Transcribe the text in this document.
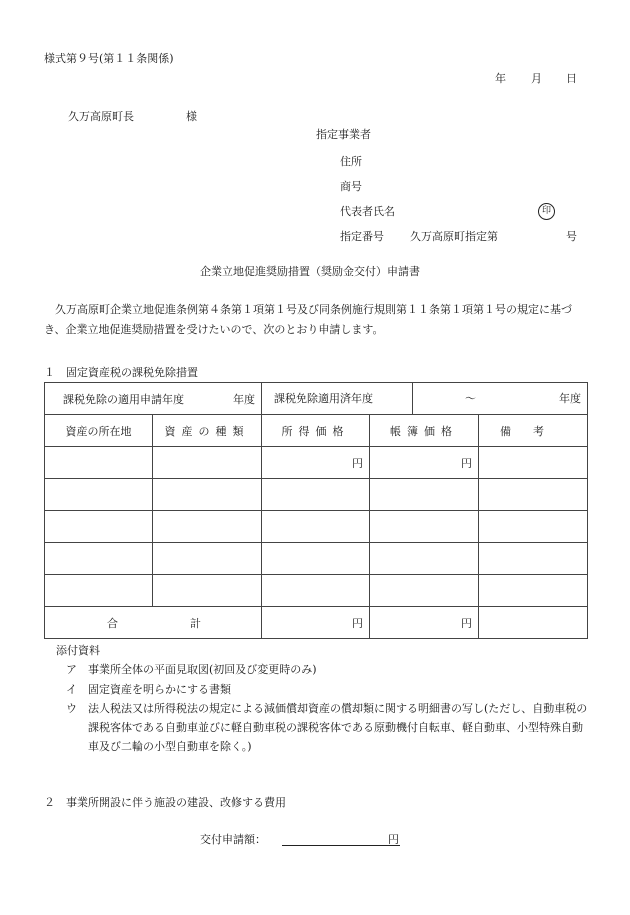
様式第９号(第１１条関係)
年 月 日
久万高原町長	様
指定事業者
住所
商号
代表者氏名	印
指定番号 久万高原町指定第	号
企業立地促進奨励措置（奨励金交付）申請書
久万高原町企業立地促進条例第４条第１項第１号及び同条例施行規則第１１条第１項第１号の規定に基づき、企業立地促進奨励措置を受けたいので、次のとおり申請します。
１　固定資産税の課税免除措置
課税免除の適用申請年度 年度		課税免除適用済年度 ～ 年度		

資産の所在地	資産の種類	所得価格	帳簿価格	備考
		円	円	

合 計		円	円	
添付資料
ア 事業所全体の平面見取図(初回及び変更時のみ)
イ 固定資産を明らかにする書類
ウ	法人税法又は所得税法の規定による減価償却資産の償却類に関する明細書の写し(ただし、自動車税の課税客体である自動車並びに軽自動車税の課税客体である原動機付自転車、軽自動車、小型特殊自動車及び二輪の小型自動車を除く。)
２　事業所開設に伴う施設の建設、改修する費用
交付申請額：	円
